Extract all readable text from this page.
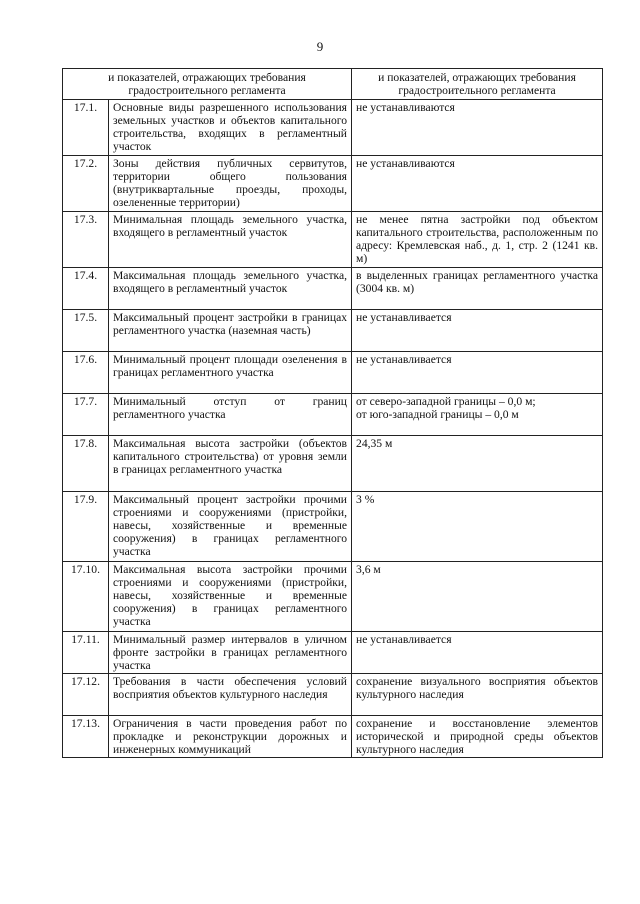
9
и показателей, отражающих требования градостроительного регламента		и показателей, отражающих требования градостроительного регламента
17.1.	Основные виды разрешенного использования земельных участков и объектов капитального строительства, входящих в регламентный участок	не устанавливаются
17.2.	Зоны действия публичных сервитутов, территории общего пользования (внутриквартальные проезды, проходы, озелененные территории)	не устанавливаются
17.3.	Минимальная площадь земельного участка, входящего в регламентный участок	не менее пятна застройки под объектом капитального строительства, расположенным по адресу: Кремлевская наб., д. 1, стр. 2 (1241 кв. м)
17.4.	Максимальная площадь земельного участка, входящего в регламентный участок	в выделенных границах регламентного участка (3004 кв. м)
17.5.	Максимальный процент застройки в границах регламентного участка (наземная часть)	не устанавливается
17.6.	Минимальный процент площади озеленения в границах регламентного участка	не устанавливается
17.7.	Минимальный отступ от границ регламентного участка	от северо-западной границы – 0,0 м;
от юго-западной границы – 0,0 м
17.8.	Максимальная высота застройки (объектов капитального строительства) от уровня земли в границах регламентного участка	24,35 м
17.9.	Максимальный процент застройки прочими строениями и сооружениями (пристройки, навесы, хозяйственные и временные сооружения) в границах регламентного участка	3 %
17.10.	Максимальная высота застройки прочими строениями и сооружениями (пристройки, навесы, хозяйственные и временные сооружения) в границах регламентного участка	3,6 м
17.11.	Минимальный размер интервалов в уличном фронте застройки в границах регламентного участка	не устанавливается
17.12.	Требования в части обеспечения условий восприятия объектов культурного наследия	сохранение визуального восприятия объектов культурного наследия
17.13.	Ограничения в части проведения работ по прокладке и реконструкции дорожных и инженерных коммуникаций	сохранение и восстановление элементов исторической и природной среды объектов культурного наследия
